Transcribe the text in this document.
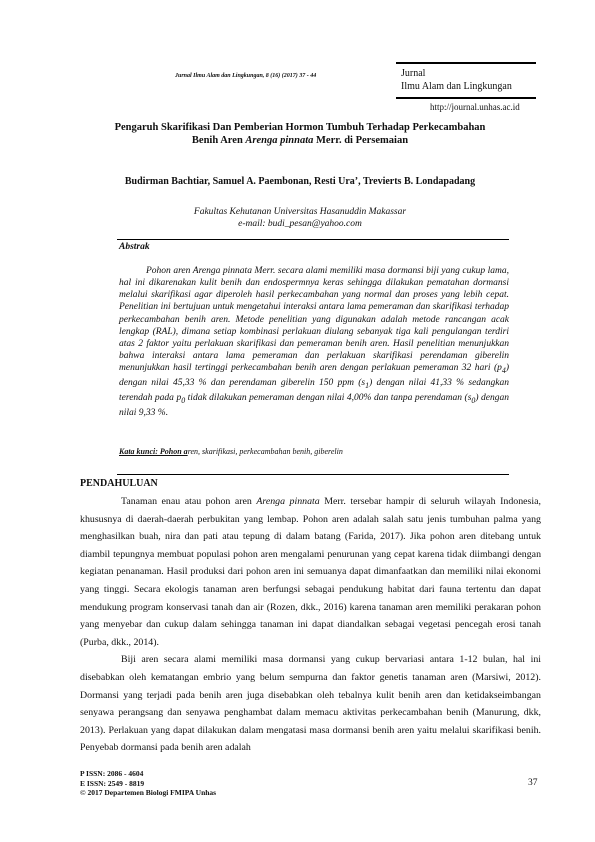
Jurnal Ilmu Alam dan Lingkungan, 8 (16) (2017) 37 - 44	Jurnal
Ilmu Alam dan Lingkungan
http://journal.unhas.ac.id
Pengaruh Skarifikasi Dan Pemberian Hormon Tumbuh Terhadap Perkecambahan
Benih Aren Arenga pinnata Merr. di Persemaian
Budirman Bachtiar, Samuel A. Paembonan, Resti Ura’, Trevierts B. Londapadang
Fakultas Kehutanan Universitas Hasanuddin Makassar
e-mail: budi_pesan@yahoo.com
Abstrak
Pohon aren Arenga pinnata Merr. secara alami memiliki masa dormansi biji yang cukup lama, hal ini dikarenakan kulit benih dan endospermnya keras sehingga dilakukan pematahan dormansi melalui skarifikasi agar diperoleh hasil perkecambahan yang normal dan proses yang lebih cepat. Penelitian ini bertujuan untuk mengetahui interaksi antara lama pemeraman dan skarifikasi terhadap perkecambahan benih aren. Metode penelitian yang digunakan adalah metode rancangan acak lengkap (RAL), dimana setiap kombinasi perlakuan diulang sebanyak tiga kali pengulangan terdiri atas 2 faktor yaitu perlakuan skarifikasi dan pemeraman benih aren. Hasil penelitian menunjukkan bahwa interaksi antara lama pemeraman dan perlakuan skarifikasi perendaman giberelin menunjukkan hasil tertinggi perkecambahan benih aren dengan perlakuan pemeraman 32 hari $(p_4)$ dengan nilai 45,33 % dan perendaman giberelin 150 ppm $(s_1)$ dengan nilai 41,33 % sedangkan terendah pada $p_0$ tidak dilakukan pemeraman dengan nilai 4,00% dan tanpa perendaman $(s_0)$ dengan nilai 9,33 %.
Kata kunci: Pohon aren, skarifikasi, perkecambahan benih, giberelin
PENDAHULUAN

Tanaman enau atau pohon aren Arenga pinnata Merr. tersebar hampir di seluruh wilayah Indonesia, khususnya di daerah-daerah perbukitan yang lembap. Pohon aren adalah salah satu jenis tumbuhan palma yang menghasilkan buah, nira dan pati atau tepung di dalam batang (Farida, 2017). Jika pohon aren ditebang untuk diambil tepungnya membuat populasi pohon aren mengalami penurunan yang cepat karena tidak diimbangi dengan kegiatan penanaman. Hasil produksi dari pohon aren ini semuanya dapat dimanfaatkan dan memiliki nilai ekonomi yang tinggi. Secara ekologis tanaman aren berfungsi sebagai pendukung habitat dari fauna tertentu dan dapat mendukung program konservasi tanah dan air (Rozen, dkk., 2016) karena tanaman aren memiliki perakaran pohon yang menyebar dan cukup dalam sehingga tanaman ini dapat diandalkan sebagai vegetasi pencegah erosi tanah (Purba, dkk., 2014).

Biji aren secara alami memiliki masa dormansi yang cukup bervariasi antara 1-12 bulan, hal ini disebabkan oleh kematangan embrio yang belum sempurna dan faktor genetis tanaman aren (Marsiwi, 2012). Dormansi yang terjadi pada benih aren juga disebabkan oleh tebalnya kulit benih aren dan ketidakseimbangan senyawa perangsang dan senyawa penghambat dalam memacu aktivitas perkecambahan benih (Manurung, dkk, 2013). Perlakuan yang dapat dilakukan dalam mengatasi masa dormansi benih aren yaitu melalui skarifikasi benih. Penyebab dormansi pada benih aren adalah

P ISSN: 2086 - 4604
E ISSN: 2549 - 8819
© 2017 Departemen Biologi FMIPA Unhas
37
